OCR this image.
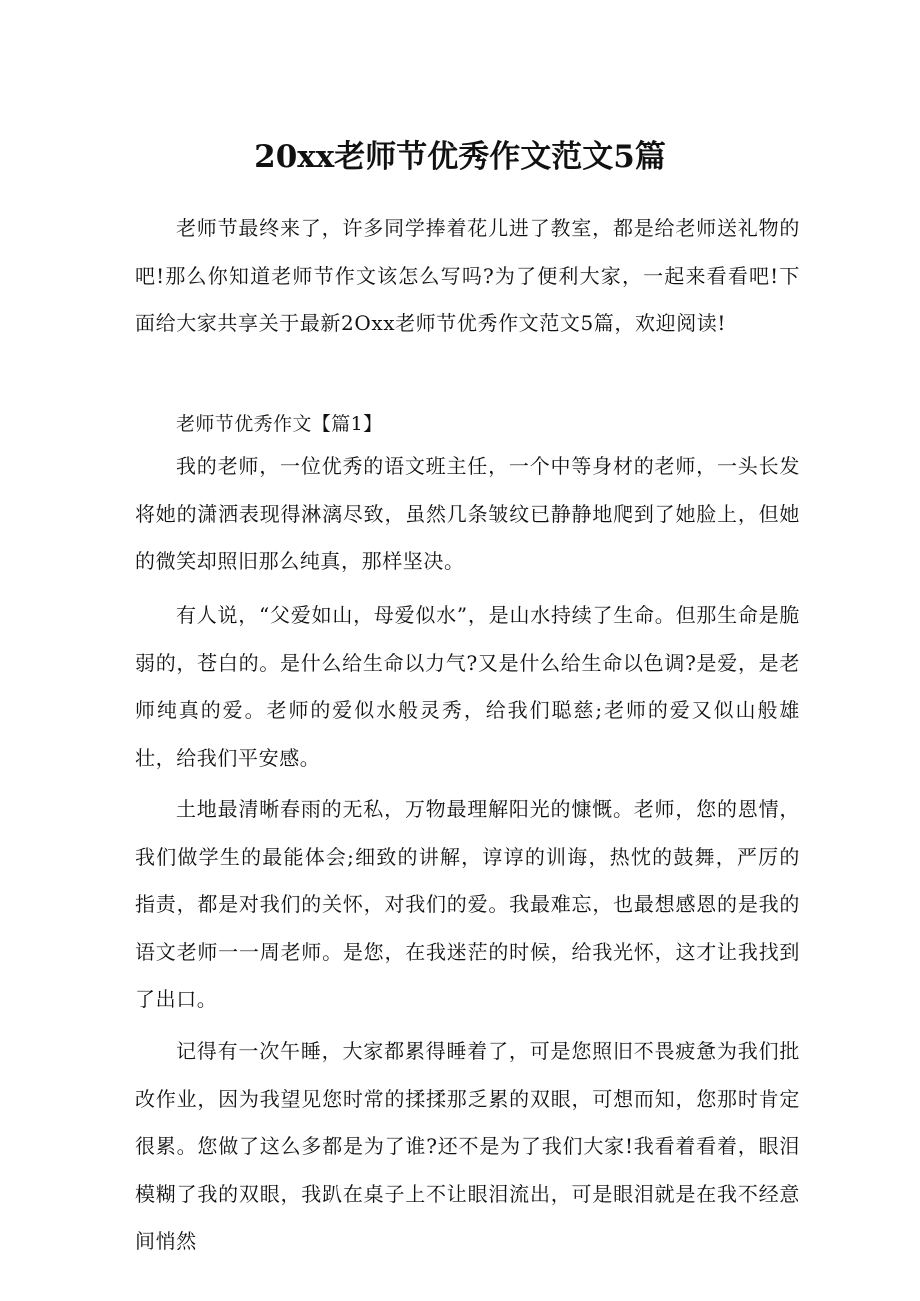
20xx老师节优秀作文范文5篇

老师节最终来了，许多同学捧着花儿进了教室，都是给老师送礼物的吧!那么你知道老师节作文该怎么写吗?为了便利大家，一起来看看吧!下面给大家共享关于最新2Oxx老师节优秀作文范文5篇，欢迎阅读!

老师节优秀作文【篇1】

我的老师，一位优秀的语文班主任，一个中等身材的老师，一头长发将她的潇洒表现得淋漓尽致，虽然几条皱纹已静静地爬到了她脸上，但她的微笑却照旧那么纯真，那样坚决。

有人说，“父爱如山，母爱似水”，是山水持续了生命。但那生命是脆弱的，苍白的。是什么给生命以力气?又是什么给生命以色调?是爱，是老师纯真的爱。老师的爱似水般灵秀，给我们聪慈;老师的爱又似山般雄壮，给我们平安感。

土地最清晰春雨的无私，万物最理解阳光的慷慨。老师，您的恩情，我们做学生的最能体会;细致的讲解，谆谆的训诲，热忱的鼓舞，严厉的指责，都是对我们的关怀，对我们的爱。我最难忘，也最想感恩的是我的语文老师一一周老师。是您，在我迷茫的时候，给我光怀，这才让我找到了出口。

记得有一次午睡，大家都累得睡着了，可是您照旧不畏疲惫为我们批改作业，因为我望见您时常的揉揉那乏累的双眼，可想而知，您那时肯定很累。您做了这么多都是为了谁?还不是为了我们大家!我看着看着，眼泪模糊了我的双眼，我趴在桌子上不让眼泪流出，可是眼泪就是在我不经意间悄然
